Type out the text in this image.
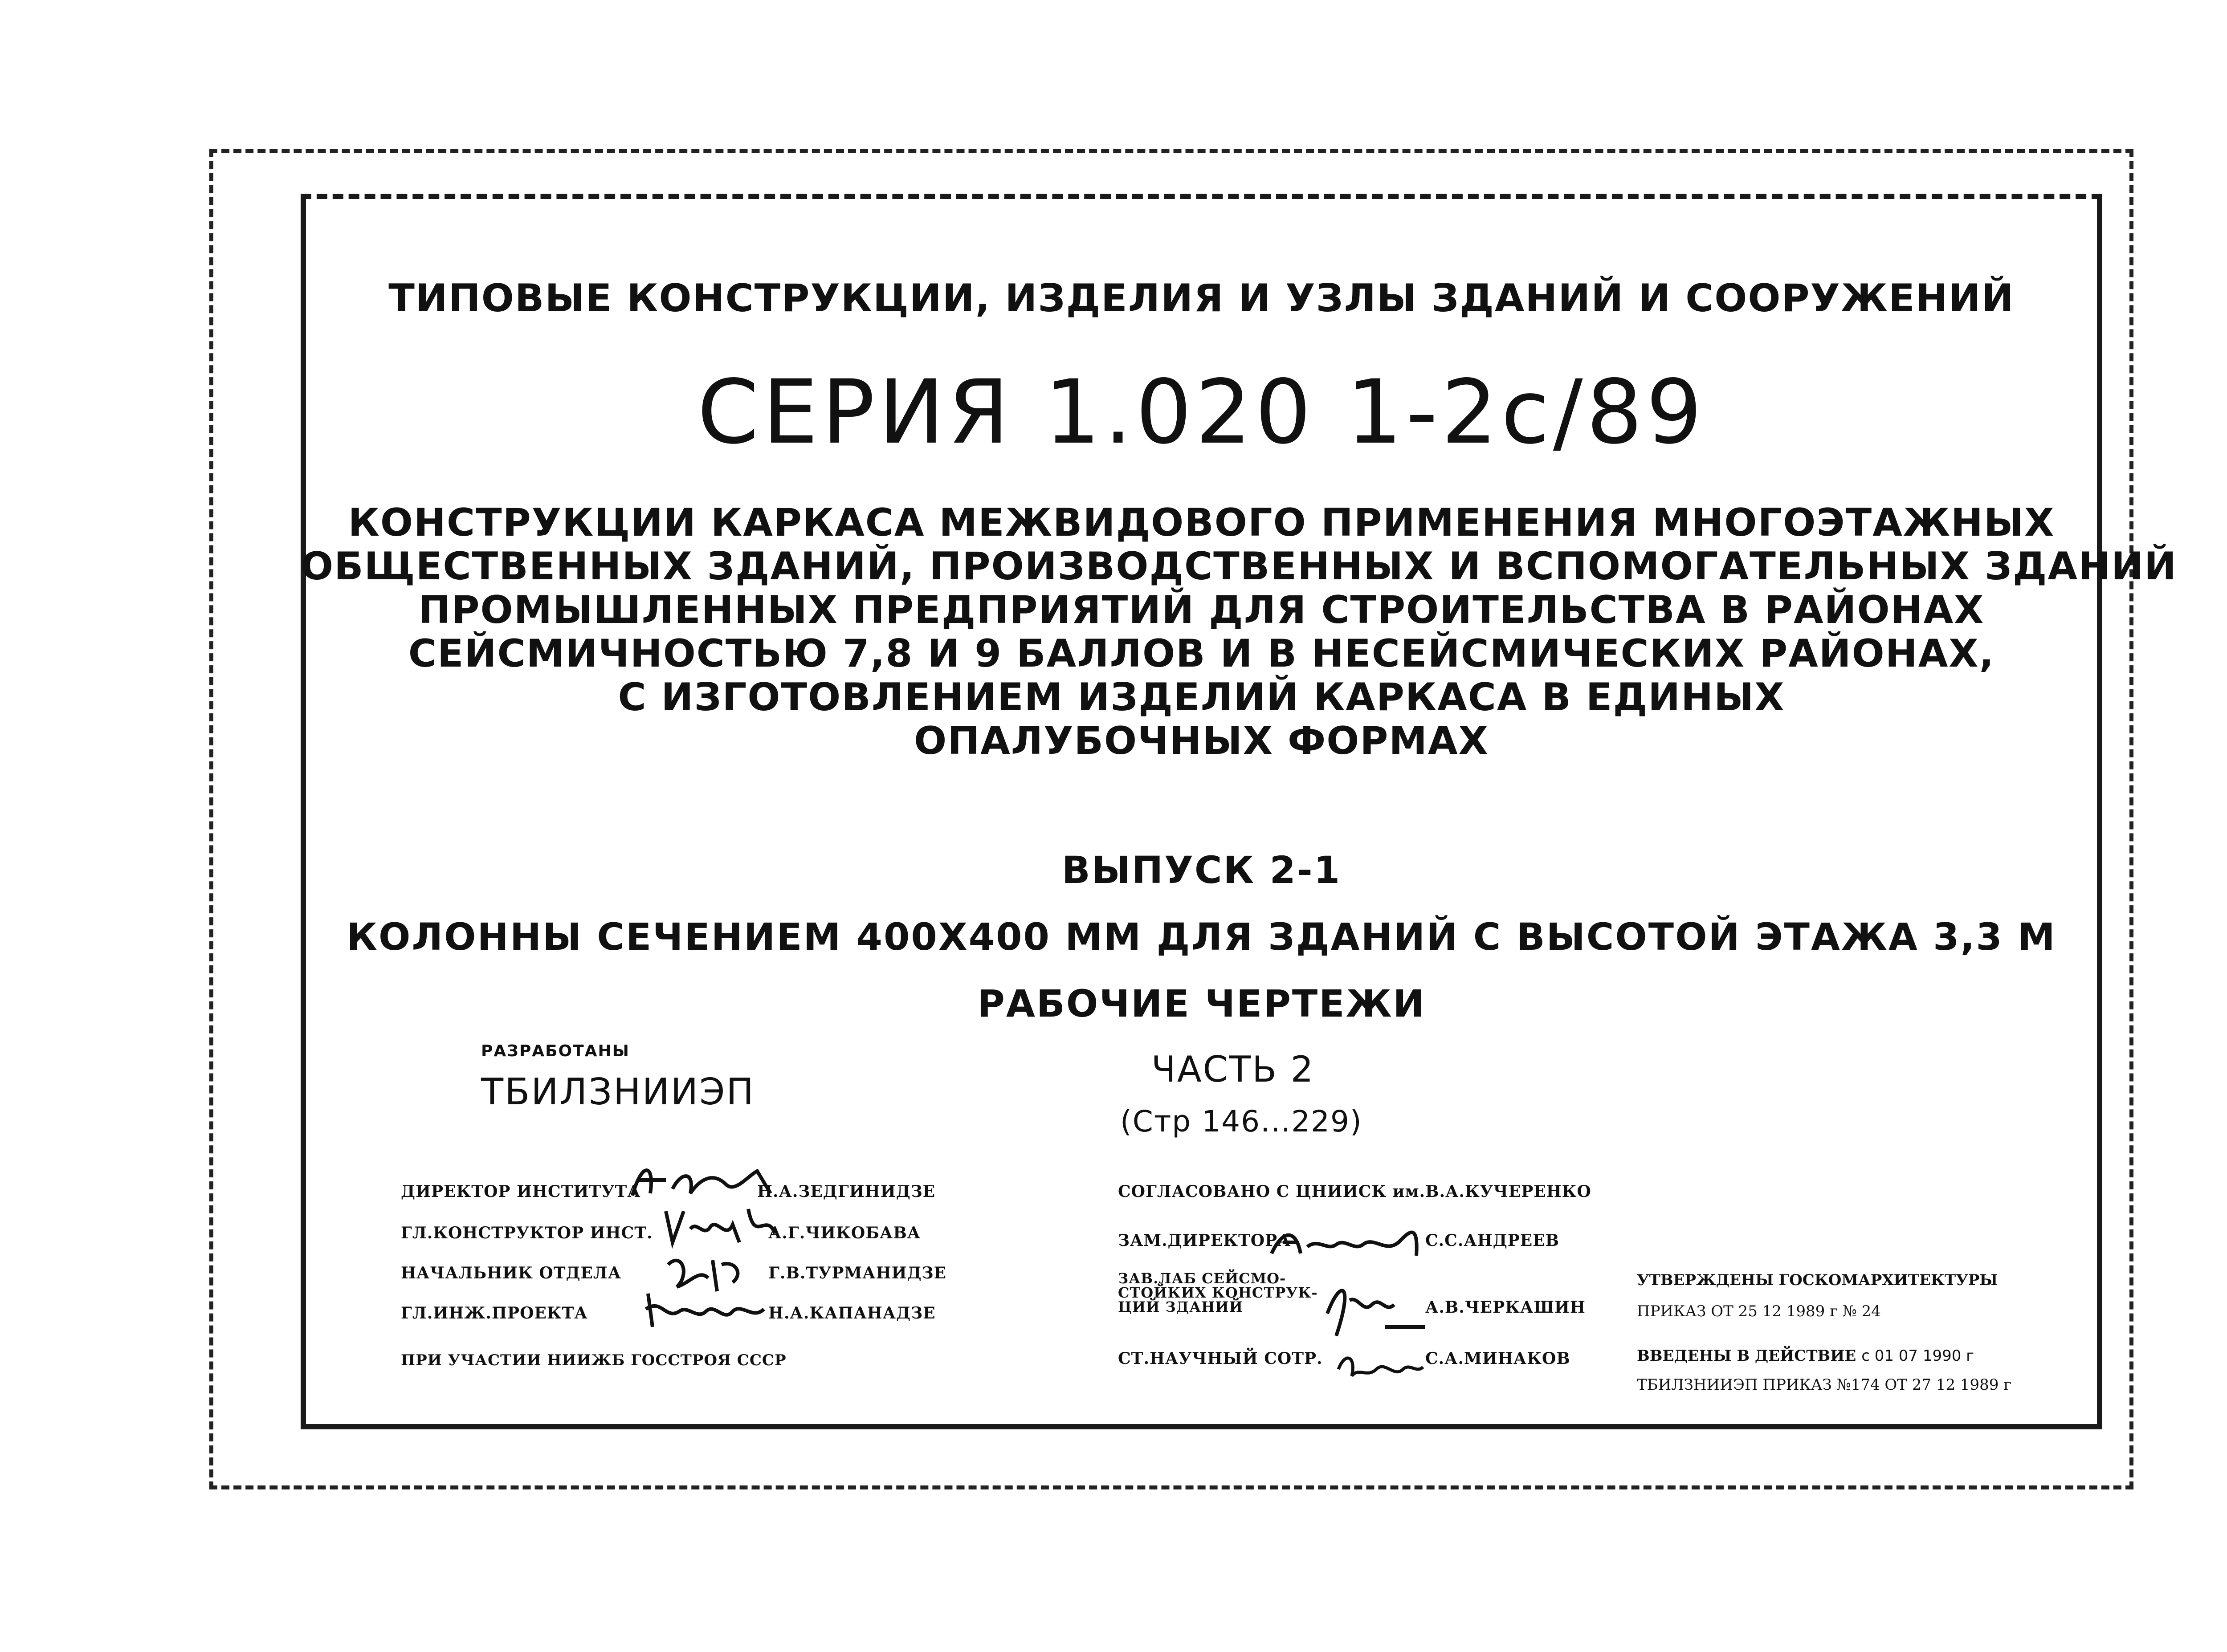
ТИПОВЫЕ КОНСТРУКЦИИ, ИЗДЕЛИЯ И УЗЛЫ ЗДАНИЙ И СООРУЖЕНИЙ
СЕРИЯ 1.020 1-2с/89
КОНСТРУКЦИИ КАРКАСА МЕЖВИДОВОГО ПРИМЕНЕНИЯ МНОГОЭТАЖНЫХ
ОБЩЕСТВЕННЫХ ЗДАНИЙ, ПРОИЗВОДСТВЕННЫХ И ВСПОМОГАТЕЛЬНЫХ ЗДАНИЙ
ПРОМЫШЛЕННЫХ ПРЕДПРИЯТИЙ ДЛЯ СТРОИТЕЛЬСТВА В РАЙОНАХ
СЕЙСМИЧНОСТЬЮ 7,8 И 9 БАЛЛОВ И В НЕСЕЙСМИЧЕСКИХ РАЙОНАХ,
С ИЗГОТОВЛЕНИЕМ ИЗДЕЛИЙ КАРКАСА В ЕДИНЫХ
ОПАЛУБОЧНЫХ ФОРМАХ
ВЫПУСК 2-1
КОЛОННЫ СЕЧЕНИЕМ 400Х400 ММ ДЛЯ ЗДАНИЙ С ВЫСОТОЙ ЭТАЖА 3,3 М
РАБОЧИЕ ЧЕРТЕЖИ
РАЗРАБОТАНЫ
ТБИЛЗНИИЭП
ЧАСТЬ 2
(Стр 146...229)
ДИРЕКТОР ИНСТИТУТА	Н.А.ЗЕДГИНИДЗЕ
ГЛ.КОНСТРУКТОР ИНСТ.	А.Г.ЧИКОБАВА
НАЧАЛЬНИК ОТДЕЛА	Г.В.ТУРМАНИДЗЕ
ГЛ.ИНЖ.ПРОЕКТА	Н.А.КАПАНАДЗЕ
ПРИ УЧАСТИИ НИИЖБ ГОССТРОЯ СССР
СОГЛАСОВАНО С ЦНИИСК им.В.А.КУЧЕРЕНКО
ЗАМ.ДИРЕКТОРА	С.С.АНДРЕЕВ
ЗАВ.ЛАБ СЕЙСМО-
СТОЙКИХ КОНСТРУК-
ЦИЙ ЗДАНИЙ	А.В.ЧЕРКАШИН
СТ.НАУЧНЫЙ СОТР.	С.А.МИНАКОВ
УТВЕРЖДЕНЫ ГОСКОМАРХИТЕКТУРЫ
ПРИКАЗ ОТ 25 12 1989 г № 24
ВВЕДЕНЫ В ДЕЙСТВИЕ с 01 07 1990 г
ТБИЛЗНИИЭП ПРИКАЗ №174 ОТ 27 12 1989 г
